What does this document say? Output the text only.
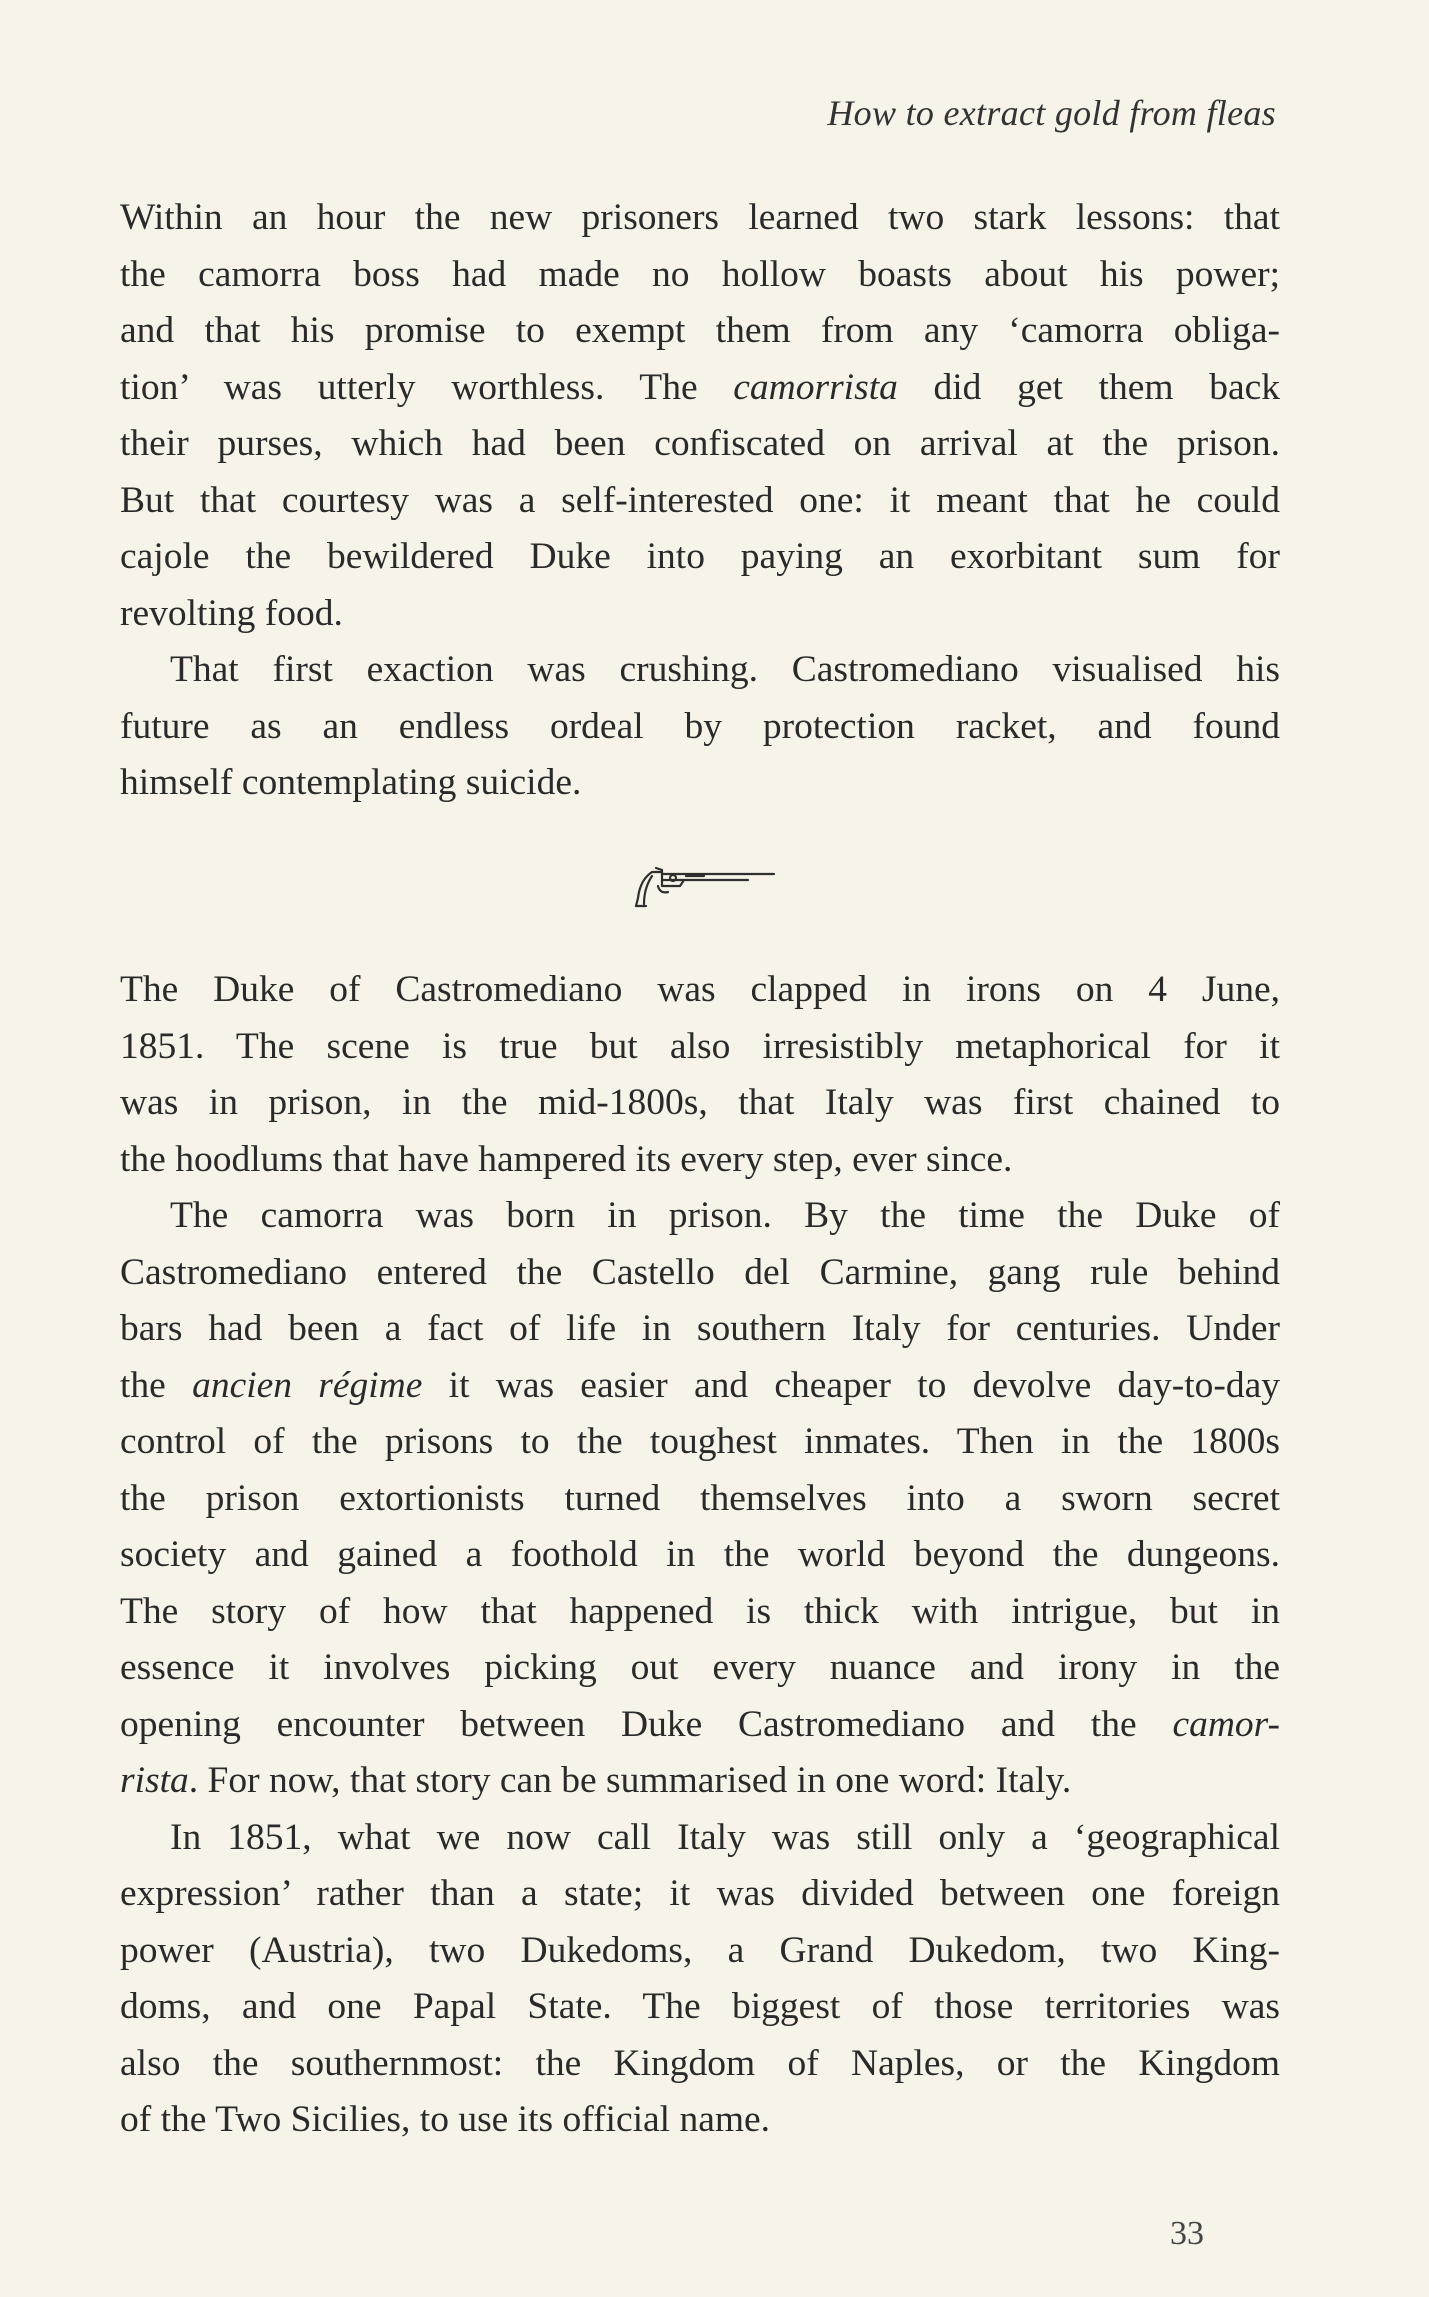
How to extract gold from fleas
Within an hour the new prisoners learned two stark lessons: that
the camorra boss had made no hollow boasts about his power;
and that his promise to exempt them from any ‘camorra obliga-
tion’ was utterly worthless. The camorrista did get them back
their purses, which had been confiscated on arrival at the prison.
But that courtesy was a self-interested one: it meant that he could
cajole the bewildered Duke into paying an exorbitant sum for
revolting food.
That first exaction was crushing. Castromediano visualised his
future as an endless ordeal by protection racket, and found
himself contemplating suicide.
The Duke of Castromediano was clapped in irons on 4 June,
1851. The scene is true but also irresistibly metaphorical for it
was in prison, in the mid-1800s, that Italy was first chained to
the hoodlums that have hampered its every step, ever since.
The camorra was born in prison. By the time the Duke of
Castromediano entered the Castello del Carmine, gang rule behind
bars had been a fact of life in southern Italy for centuries. Under
the ancien régime it was easier and cheaper to devolve day-to-day
control of the prisons to the toughest inmates. Then in the 1800s
the prison extortionists turned themselves into a sworn secret
society and gained a foothold in the world beyond the dungeons.
The story of how that happened is thick with intrigue, but in
essence it involves picking out every nuance and irony in the
opening encounter between Duke Castromediano and the camor-
rista. For now, that story can be summarised in one word: Italy.
In 1851, what we now call Italy was still only a ‘geographical
expression’ rather than a state; it was divided between one foreign
power (Austria), two Dukedoms, a Grand Dukedom, two King-
doms, and one Papal State. The biggest of those territories was
also the southernmost: the Kingdom of Naples, or the Kingdom
of the Two Sicilies, to use its official name.
33
